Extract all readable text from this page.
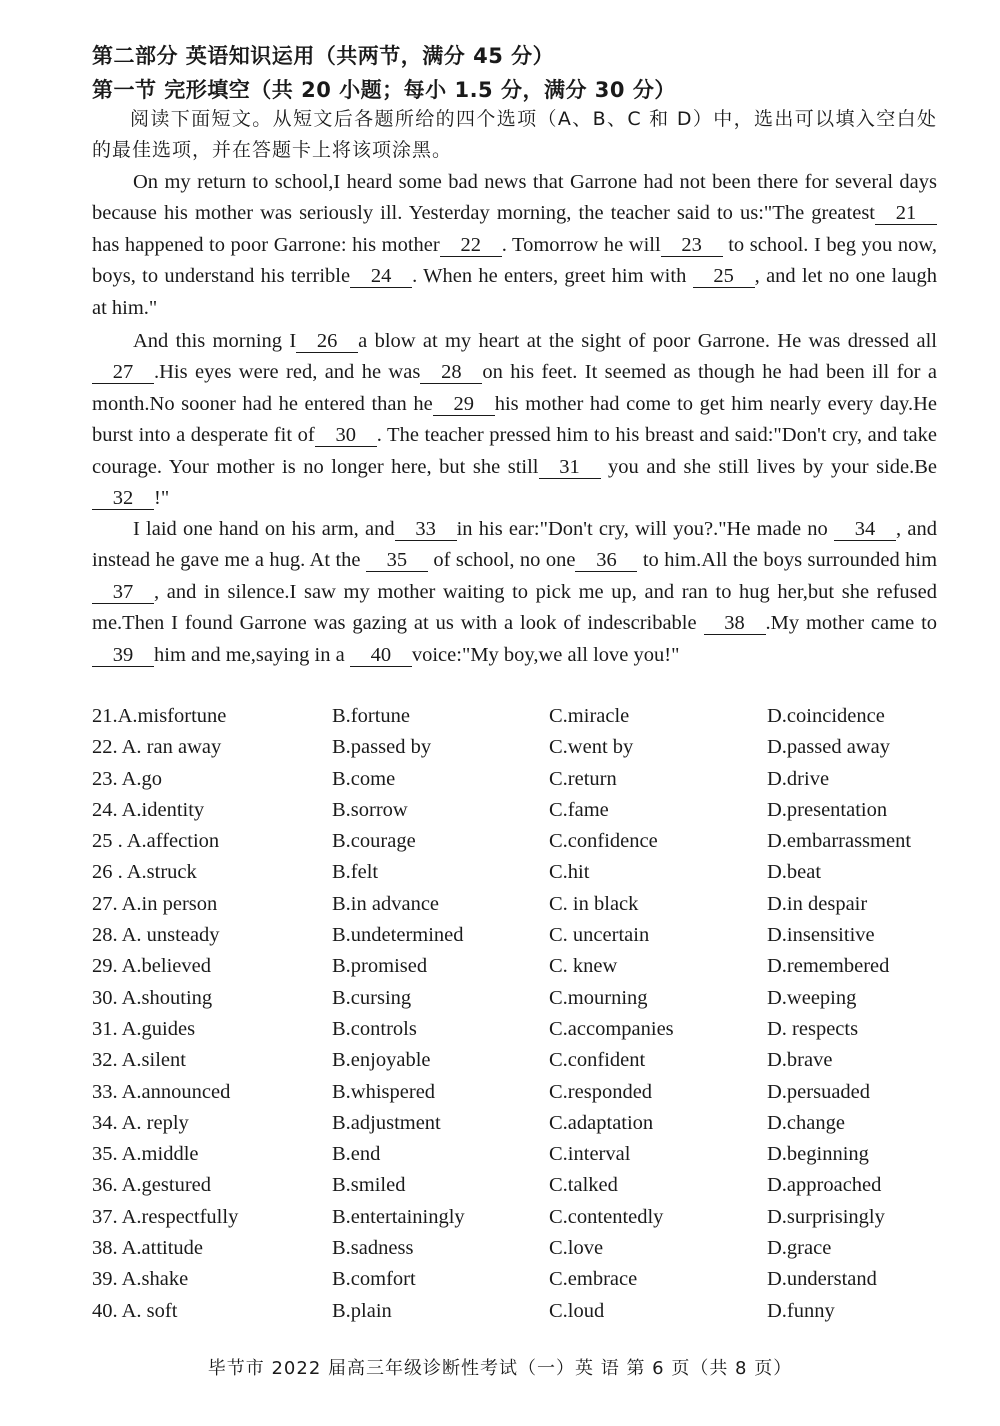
第二部分 英语知识运用（共两节，满分 45 分）
第一节 完形填空（共 20 小题；每小 1.5 分，满分 30 分）
阅读下面短文。从短文后各题所给的四个选项（A、B、C 和 D）中，选出可以填入空白处的最佳选项，并在答题卡上将该项涂黑。
On my return to school,I heard some bad news that Garrone had not been there for several days because his mother was seriously ill. Yesterday morning, the teacher said to us:"The greatest 21 has happened to poor Garrone: his mother 22 . Tomorrow he will 23 to school. I beg you now, boys, to understand his terrible 24 . When he enters, greet him with 25 , and let no one laugh at him."
And this morning I 26 a blow at my heart at the sight of poor Garrone. He was dressed all27 .His eyes were red, and he was 28 on his feet. It seemed as though he had been ill for a month.No sooner had he entered than he 29 his mother had come to get him nearly every day.He burst into a desperate fit of 30 . The teacher pressed him to his breast and said:"Don't cry, and take courage. Your mother is no longer here, but she still 31 you and she still lives by your side.Be32 !"
I laid one hand on his arm, and 33 in his ear:"Don't cry, will you?."He made no 34 , and instead he gave me a hug. At the 35 of school, no one 36 to him.All the boys surrounded him37 , and in silence.I saw my mother waiting to pick me up, and ran to hug her,but she refused me.Then I found Garrone was gazing at us with a look of indescribable 38 .My mother came to 39 him and me,saying in a 40 voice:"My boy,we all love you!"
21.A.misfortune	B.fortune	C.miracle	D.coincidence
22. A. ran away	B.passed by	C.went by	D.passed away
23. A.go	B.come	C.return	D.drive
24. A.identity	B.sorrow	C.fame	D.presentation
25 . A.affection	B.courage	C.confidence	D.embarrassment
26 . A.struck	B.felt	C.hit	D.beat
27. A.in person	B.in advance	C. in black	D.in despair
28. A. unsteady	B.undetermined	C. uncertain	D.insensitive
29. A.believed	B.promised	C. knew	D.remembered
30. A.shouting	B.cursing	C.mourning	D.weeping
31. A.guides	B.controls	C.accompanies	D. respects
32. A.silent	B.enjoyable	C.confident	D.brave
33. A.announced	B.whispered	C.responded	D.persuaded
34. A. reply	B.adjustment	C.adaptation	D.change
35. A.middle	B.end	C.interval	D.beginning
36. A.gestured	B.smiled	C.talked	D.approached
37. A.respectfully	B.entertainingly	C.contentedly	D.surprisingly
38. A.attitude	B.sadness	C.love	D.grace
39. A.shake	B.comfort	C.embrace	D.understand
40. A. soft	B.plain	C.loud	D.funny
毕节市 2022 届高三年级诊断性考试（一）英 语 第 6 页（共 8 页）
